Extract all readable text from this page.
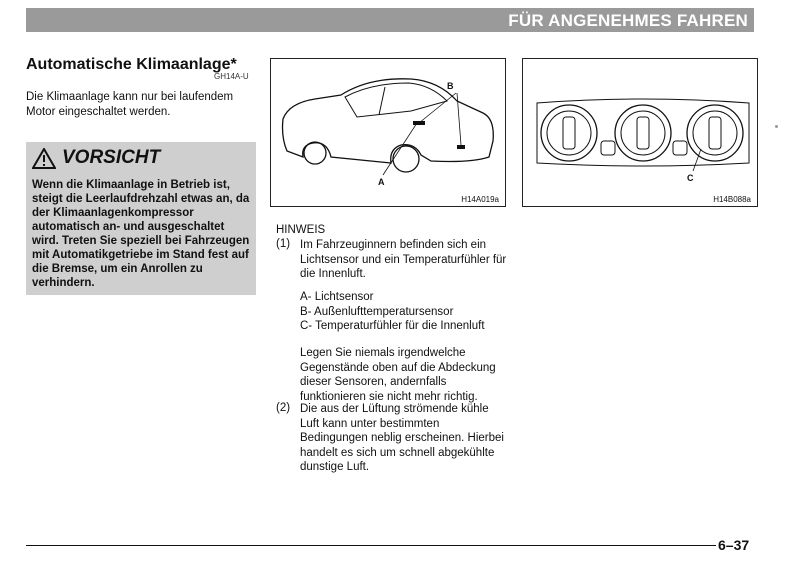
FÜR ANGENEHMES FAHREN
Automatische Klimaanlage*
GH14A-U
Die Klimaanlage kann nur bei laufendem Motor eingeschaltet werden.
VORSICHT
Wenn die Klimaanlage in Betrieb ist, steigt die Leerlaufdrehzahl etwas an, da der Klimaanlagenkompressor automatisch an- und ausgeschaltet wird. Treten Sie speziell bei Fahrzeugen mit Automatikgetriebe im Stand fest auf die Bremse, um ein Anrollen zu verhindern.
B
A
H14A019a
C
H14B088a
HINWEIS
(1) Im Fahrzeuginnern befinden sich ein Lichtsensor und ein Temperaturfühler für die Innenluft.
A- Lichtsensor
B- Außenlufttemperatursensor
C- Temperaturfühler für die Innenluft
Legen Sie niemals irgendwelche Gegenstände oben auf die Abdeckung dieser Sensoren, andernfalls funktionieren sie nicht mehr richtig.
(2) Die aus der Lüftung strömende kühle Luft kann unter bestimmten Bedingungen neblig erscheinen. Hierbei handelt es sich um schnell abgekühlte dunstige Luft.
6–37
